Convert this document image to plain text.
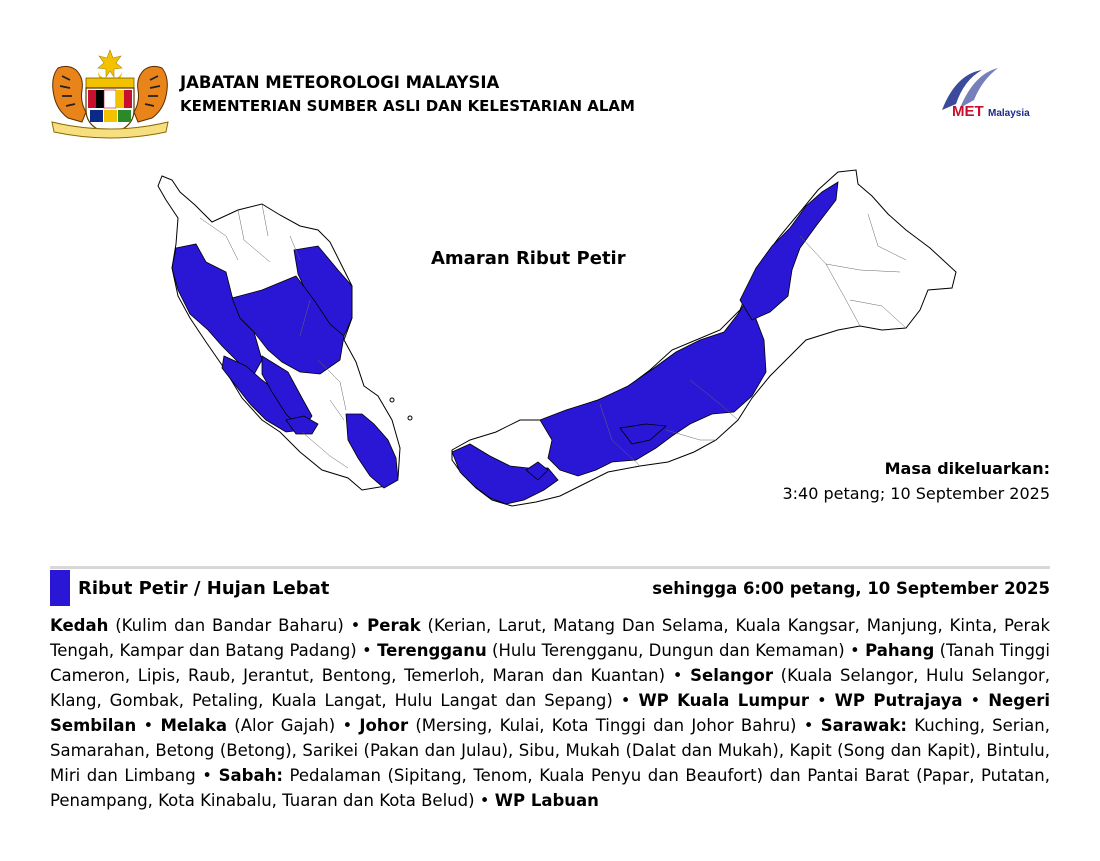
JABATAN METEOROLOGI MALAYSIA
KEMENTERIAN SUMBER ASLI DAN KELESTARIAN ALAM	MET Malaysia
Amaran Ribut Petir
Masa dikeluarkan:
3:40 petang; 10 September 2025
Ribut Petir / Hujan Lebat	sehingga 6:00 petang, 10 September 2025
Kedah (Kulim dan Bandar Baharu) • Perak (Kerian, Larut, Matang Dan Selama, Kuala Kangsar, Manjung, Kinta, Perak Tengah, Kampar dan Batang Padang) • Terengganu (Hulu Terengganu, Dungun dan Kemaman) • Pahang (Tanah Tinggi Cameron, Lipis, Raub, Jerantut, Bentong, Temerloh, Maran dan Kuantan) • Selangor (Kuala Selangor, Hulu Selangor, Klang, Gombak, Petaling, Kuala Langat, Hulu Langat dan Sepang) • WP Kuala Lumpur • WP Putrajaya • Negeri Sembilan • Melaka (Alor Gajah) • Johor (Mersing, Kulai, Kota Tinggi dan Johor Bahru) • Sarawak: Kuching, Serian, Samarahan, Betong (Betong), Sarikei (Pakan dan Julau), Sibu, Mukah (Dalat dan Mukah), Kapit (Song dan Kapit), Bintulu, Miri dan Limbang • Sabah: Pedalaman (Sipitang, Tenom, Kuala Penyu dan Beaufort) dan Pantai Barat (Papar, Putatan, Penampang, Kota Kinabalu, Tuaran dan Kota Belud) • WP Labuan
